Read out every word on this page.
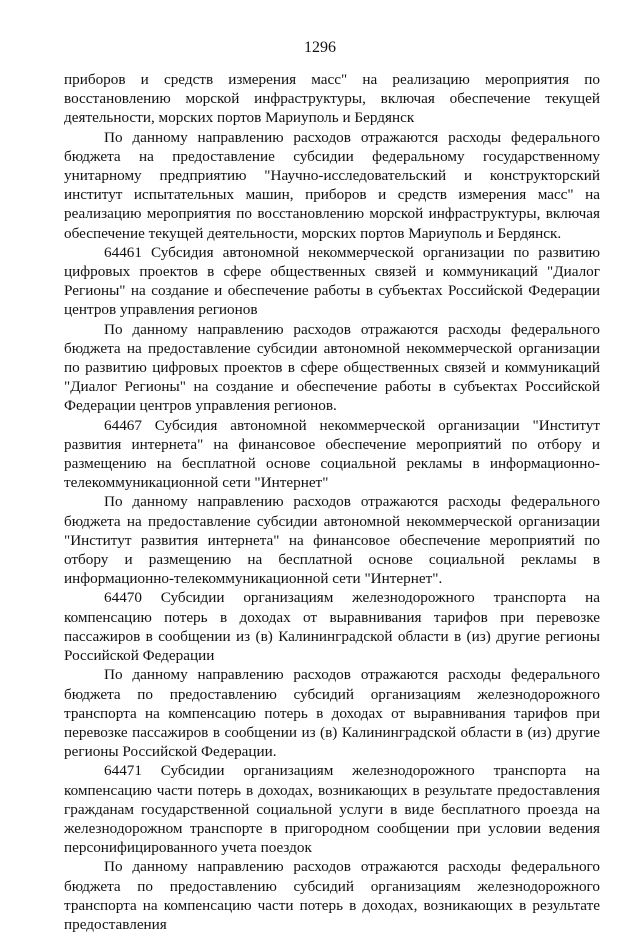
1296

приборов и средств измерения масс" на реализацию мероприятия по восстановлению морской инфраструктуры, включая обеспечение текущей деятельности, морских портов Мариуполь и Бердянск

По данному направлению расходов отражаются расходы федерального бюджета на предоставление субсидии федеральному государственному унитарному предприятию "Научно-исследовательский и конструкторский институт испытательных машин, приборов и средств измерения масс" на реализацию мероприятия по восстановлению морской инфраструктуры, включая обеспечение текущей деятельности, морских портов Мариуполь и Бердянск.

64461 Субсидия автономной некоммерческой организации по развитию цифровых проектов в сфере общественных связей и коммуникаций "Диалог Регионы" на создание и обеспечение работы в субъектах Российской Федерации центров управления регионов

По данному направлению расходов отражаются расходы федерального бюджета на предоставление субсидии автономной некоммерческой организации по развитию цифровых проектов в сфере общественных связей и коммуникаций "Диалог Регионы" на создание и обеспечение работы в субъектах Российской Федерации центров управления регионов.

64467 Субсидия автономной некоммерческой организации "Институт развития интернета" на финансовое обеспечение мероприятий по отбору и размещению на бесплатной основе социальной рекламы в информационно-телекоммуникационной сети "Интернет"

По данному направлению расходов отражаются расходы федерального бюджета на предоставление субсидии автономной некоммерческой организации "Институт развития интернета" на финансовое обеспечение мероприятий по отбору и размещению на бесплатной основе социальной рекламы в информационно-телекоммуникационной сети "Интернет".

64470 Субсидии организациям железнодорожного транспорта на компенсацию потерь в доходах от выравнивания тарифов при перевозке пассажиров в сообщении из (в) Калининградской области в (из) другие регионы Российской Федерации

По данному направлению расходов отражаются расходы федерального бюджета по предоставлению субсидий организациям железнодорожного транспорта на компенсацию потерь в доходах от выравнивания тарифов при перевозке пассажиров в сообщении из (в) Калининградской области в (из) другие регионы Российской Федерации.

64471 Субсидии организациям железнодорожного транспорта на компенсацию части потерь в доходах, возникающих в результате предоставления гражданам государственной социальной услуги в виде бесплатного проезда на железнодорожном транспорте в пригородном сообщении при условии ведения персонифицированного учета поездок

По данному направлению расходов отражаются расходы федерального бюджета по предоставлению субсидий организациям железнодорожного транспорта на компенсацию части потерь в доходах, возникающих в результате предоставления
